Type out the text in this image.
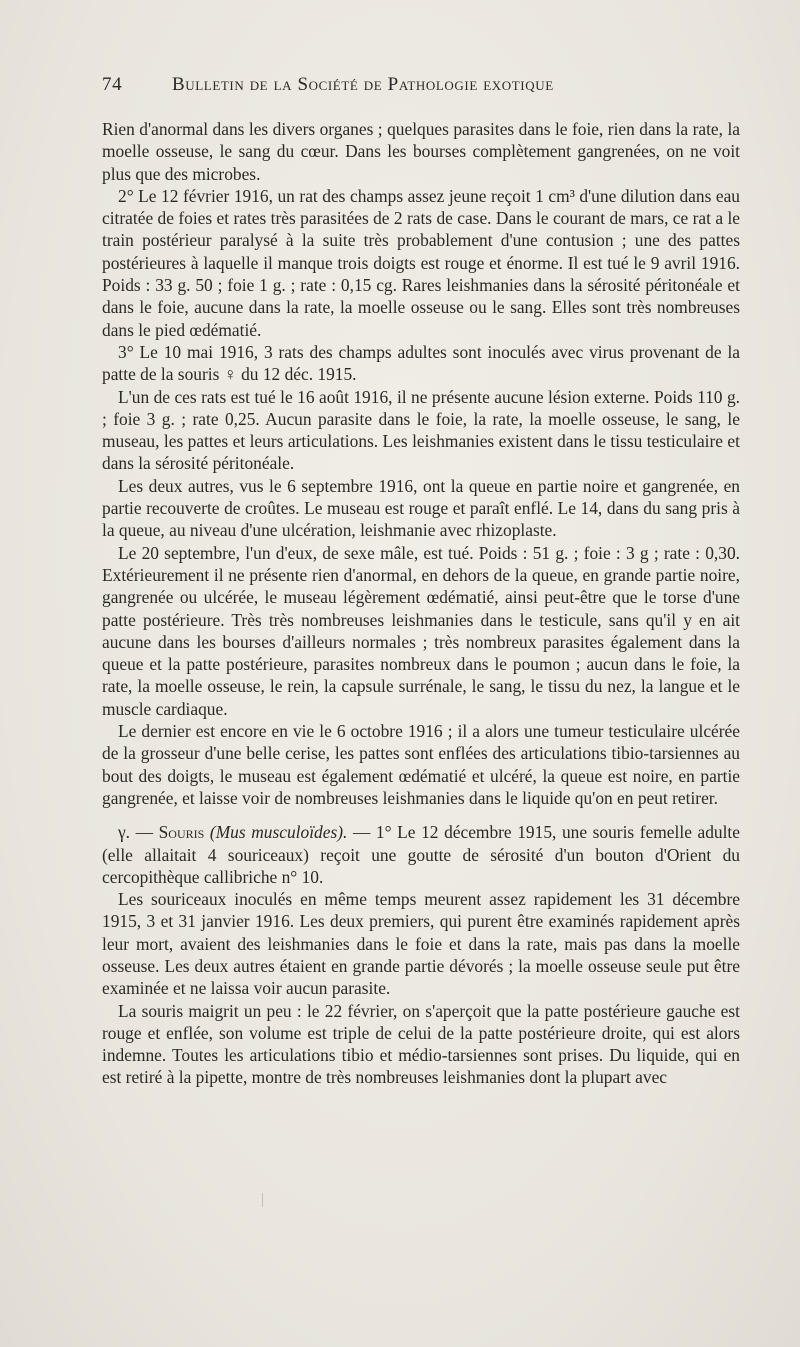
74	Bulletin de la Société de Pathologie exotique

Rien d'anormal dans les divers organes ; quelques parasites dans le foie, rien dans la rate, la moelle osseuse, le sang du cœur. Dans les bourses complètement gangrenées, on ne voit plus que des microbes.

2° Le 12 février 1916, un rat des champs assez jeune reçoit 1 cm³ d'une dilution dans eau citratée de foies et rates très parasitées de 2 rats de case. Dans le courant de mars, ce rat a le train postérieur paralysé à la suite très probablement d'une contusion ; une des pattes postérieures à laquelle il manque trois doigts est rouge et énorme. Il est tué le 9 avril 1916. Poids : 33 g. 50 ; foie 1 g. ; rate : 0,15 cg. Rares leishmanies dans la sérosité péritonéale et dans le foie, aucune dans la rate, la moelle osseuse ou le sang. Elles sont très nombreuses dans le pied œdématié.

3° Le 10 mai 1916, 3 rats des champs adultes sont inoculés avec virus provenant de la patte de la souris ♀ du 12 déc. 1915.

L'un de ces rats est tué le 16 août 1916, il ne présente aucune lésion externe. Poids 110 g. ; foie 3 g. ; rate 0,25. Aucun parasite dans le foie, la rate, la moelle osseuse, le sang, le museau, les pattes et leurs articulations. Les leishmanies existent dans le tissu testiculaire et dans la sérosité péritonéale.

Les deux autres, vus le 6 septembre 1916, ont la queue en partie noire et gangrenée, en partie recouverte de croûtes. Le museau est rouge et paraît enflé. Le 14, dans du sang pris à la queue, au niveau d'une ulcération, leishmanie avec rhizoplaste.

Le 20 septembre, l'un d'eux, de sexe mâle, est tué. Poids : 51 g. ; foie : 3 g ; rate : 0,30. Extérieurement il ne présente rien d'anormal, en dehors de la queue, en grande partie noire, gangrenée ou ulcérée, le museau légèrement œdématié, ainsi peut-être que le torse d'une patte postérieure. Très très nombreuses leishmanies dans le testicule, sans qu'il y en ait aucune dans les bourses d'ailleurs normales ; très nombreux parasites également dans la queue et la patte postérieure, parasites nombreux dans le poumon ; aucun dans le foie, la rate, la moelle osseuse, le rein, la capsule surrénale, le sang, le tissu du nez, la langue et le muscle cardiaque.

Le dernier est encore en vie le 6 octobre 1916 ; il a alors une tumeur testiculaire ulcérée de la grosseur d'une belle cerise, les pattes sont enflées des articulations tibio-tarsiennes au bout des doigts, le museau est également œdématié et ulcéré, la queue est noire, en partie gangrenée, et laisse voir de nombreuses leishmanies dans le liquide qu'on en peut retirer.

γ. — Souris (Mus musculoïdes). — 1° Le 12 décembre 1915, une souris femelle adulte (elle allaitait 4 souriceaux) reçoit une goutte de sérosité d'un bouton d'Orient du cercopithèque callibriche n° 10.

Les souriceaux inoculés en même temps meurent assez rapidement les 31 décembre 1915, 3 et 31 janvier 1916. Les deux premiers, qui purent être examinés rapidement après leur mort, avaient des leishmanies dans le foie et dans la rate, mais pas dans la moelle osseuse. Les deux autres étaient en grande partie dévorés ; la moelle osseuse seule put être examinée et ne laissa voir aucun parasite.

La souris maigrit un peu : le 22 février, on s'aperçoit que la patte postérieure gauche est rouge et enflée, son volume est triple de celui de la patte postérieure droite, qui est alors indemne. Toutes les articulations tibio et médio-tarsiennes sont prises. Du liquide, qui en est retiré à la pipette, montre de très nombreuses leishmanies dont la plupart avec
